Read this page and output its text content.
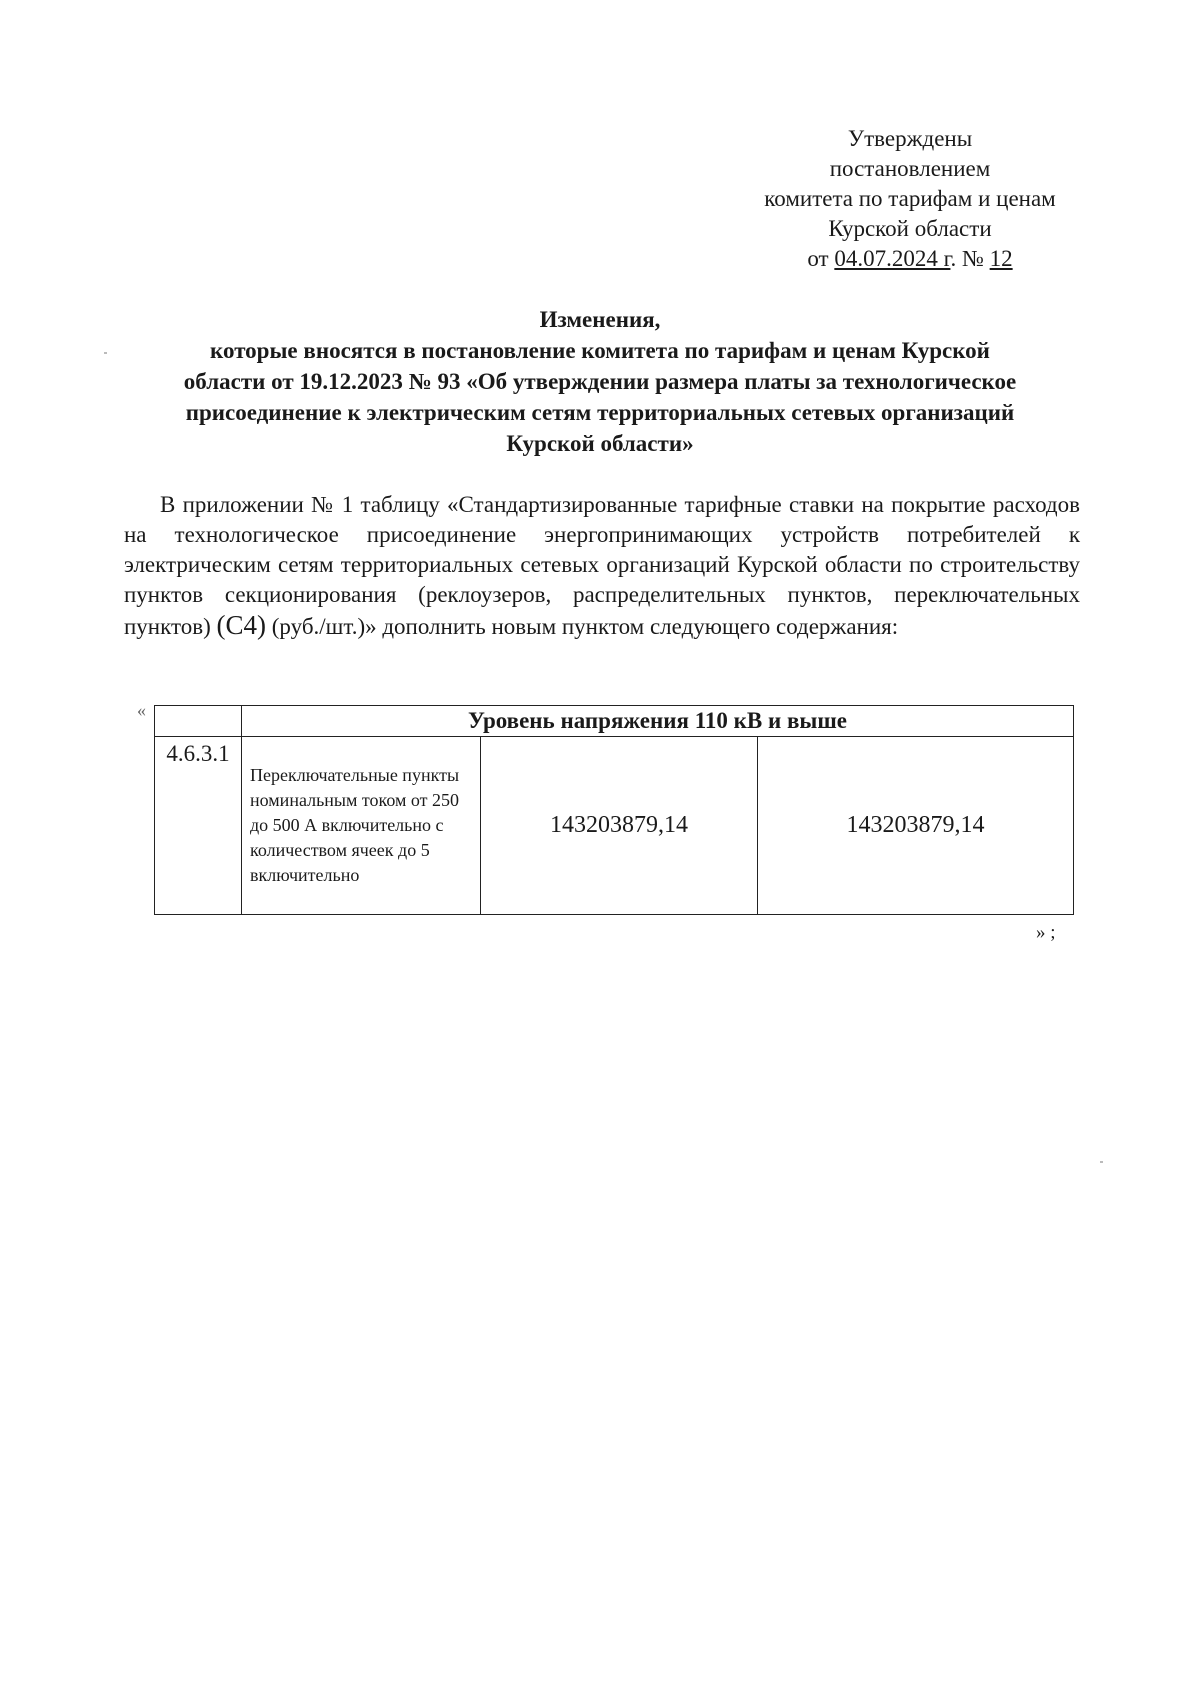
Утверждены
постановлением
комитета по тарифам и ценам
Курской области
от 04.07.2024 г. № 12
Изменения,
которые вносятся в постановление комитета по тарифам и ценам Курской
области от 19.12.2023 № 93 «Об утверждении размера платы за технологическое
присоединение к электрическим сетям территориальных сетевых организаций
Курской области»
В приложении № 1 таблицу «Стандартизированные тарифные ставки на покрытие расходов на технологическое присоединение энергопринимающих устройств потребителей к электрическим сетям территориальных сетевых организаций Курской области по строительству пунктов секционирования (реклоузеров, распределительных пунктов, переключательных пунктов) (С4) (руб./шт.)» дополнить новым пунктом следующего содержания:
«
		Уровень напряжения 110 кВ и выше		
4.6.3.1	Переключательные пункты номинальным током от 250 до 500 А включительно с количеством ячеек до 5 включительно	143203879,14	143203879,14
» ;
